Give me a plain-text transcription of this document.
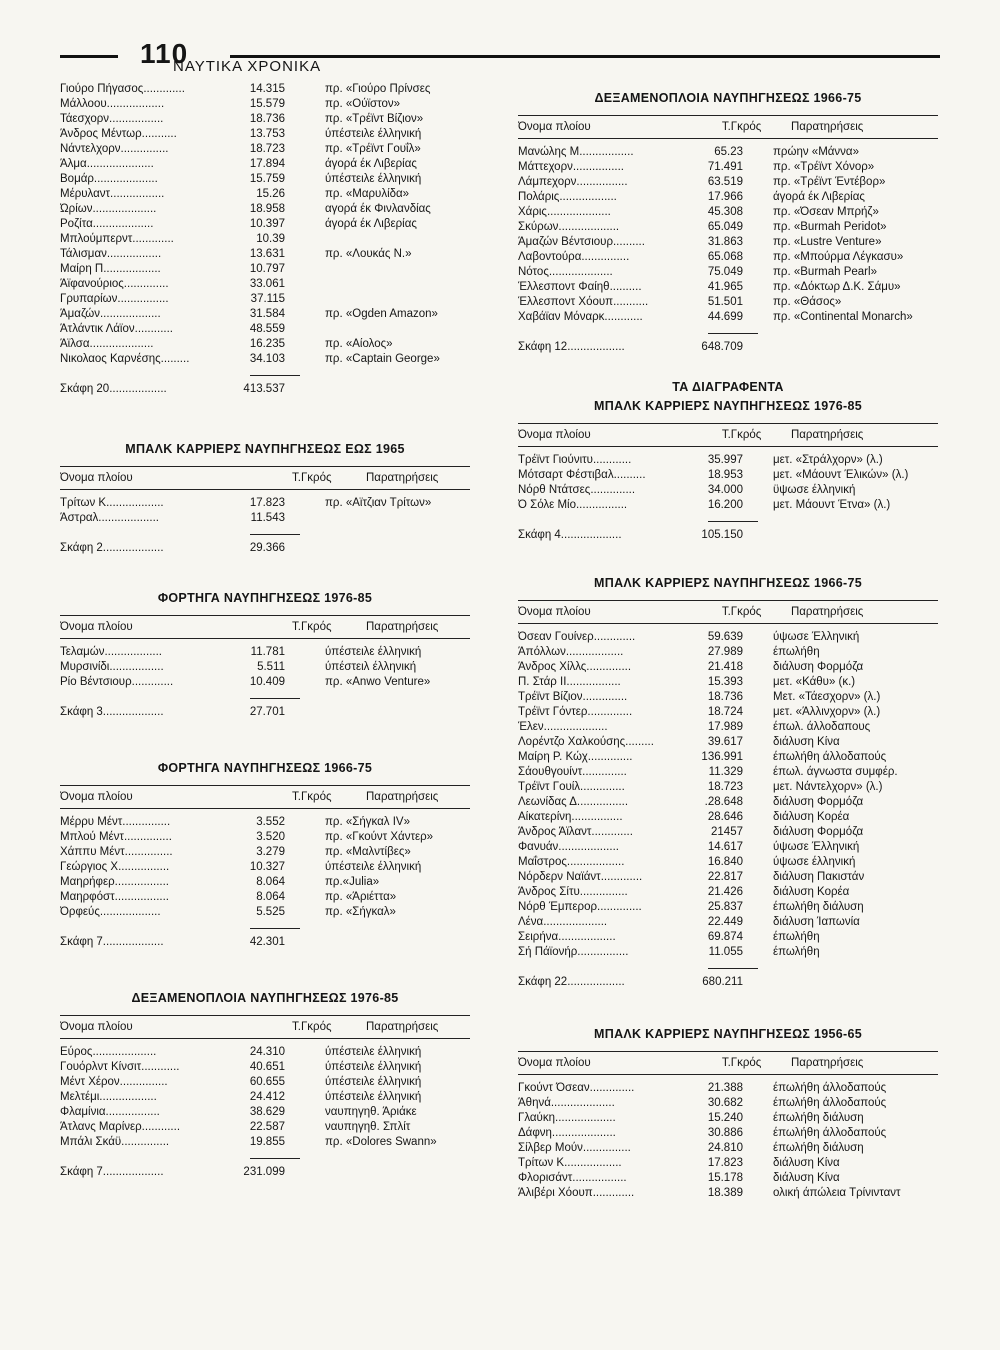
110
ΝΑΥΤΙΚΑ ΧΡΟΝΙΚΑ
Γιούρο Πήγασος.............	14.315	πρ. «Γιούρο Πρίνσες
Μάλλοου..................	15.579	πρ. «Ούϊστον»
Τάεσχορν.................	18.736	πρ. «Τρέϊντ Βίζιον»
Άνδρος Μέντωρ...........	13.753	ύπέστειλε έλληνική
Νάντελχορν...............	18.723	πρ. «Τρέϊντ Γουΐλ»
Άλμα.....................	17.894	άγορά έκ Λιβερίας
Βομάρ....................	15.759	ύπέστειλε έλληνική
Μέρυλαντ.................	15.26	πρ. «Μαρυλίδα»
Ώρίων....................	18.958	αγορά έκ Φινλανδίας
Ροζίτα...................	10.397	άγορά έκ Λιβερίας
Μπλούμπερντ.............	10.39
Τάλισμαν.................	13.631	πρ. «Λουκάς Ν.»
Μαίρη Π..................	10.797
Άϊφανούριος..............	33.061
Γρυπαρίων................	37.115
Άμαζών...................	31.584	πρ. «Ogden Amazon»
Άτλάντικ Λάϊον............	48.559
Άϊλσα....................	16.235	πρ. «Αίολος»
Νικολαος Καρνέσης.........	34.103	πρ. «Captain George»
Σκάφη 20..................	413.537
ΜΠΑΛΚ ΚΑΡΡΙΕΡΣ ΝΑΥΠΗΓΗΣΕΩΣ ΕΩΣ 1965
Όνομα πλοίου	Τ.Γκρός	Παρατηρήσεις
Τρίτων Κ..................	17.823	πρ. «Αϊτζιαν Τρίτων»
Άστραλ...................	11.543
Σκάφη 2...................	29.366
ΦΟΡΤΗΓΑ ΝΑΥΠΗΓΗΣΕΩΣ 1976-85
Όνομα πλοίου	Τ.Γκρός	Παρατηρήσεις
Τελαμών..................	11.781	ύπέστειλε έλληνική
Μυρσινίδι.................	5.511	ύπέστειλ έλληνική
Ρίο Βέντσιουρ.............	10.409	πρ. «Anwo Venture»
Σκάφη 3...................	27.701
ΦΟΡΤΗΓΑ ΝΑΥΠΗΓΗΣΕΩΣ 1966-75
Όνομα πλοίου	Τ.Γκρός	Παρατηρήσεις
Μέρρυ Μέντ...............	3.552	πρ. «Σήγκαλ IV»
Μπλού Μέντ...............	3.520	πρ. «Γκούντ Χάντερ»
Χάππυ Μέντ...............	3.279	πρ. «Μαλντίβες»
Γεώργιος Χ................	10.327	ύπέστειλε έλληνική
Μαηρήφερ.................	8.064	πρ.«Julia»
Μαηρφόστ.................	8.064	πρ. «Άριέττα»
Όρφεύς...................	5.525	πρ. «Σήγκαλ»
Σκάφη 7...................	42.301
ΔΕΞΑΜΕΝΟΠΛΟΙΑ ΝΑΥΠΗΓΗΣΕΩΣ 1976-85
Όνομα πλοίου	Τ.Γκρός	Παρατηρήσεις
Εύρος....................	24.310	ύπέστειλε έλληνική
Γουόρλντ Κίνσιτ............	40.651	ύπέστειλε έλληνική
Μέντ Χέρον...............	60.655	ύπέστειλε έλληνική
Μελτέμι..................	24.412	ύπέστειλε έλληνική
Φλαμίνια.................	38.629	ναυπηγηθ. Άριάκε
Άτλανς Μαρίνερ............	22.587	ναυπηγηθ. Σπλίτ
Μπάλι Σκάϋ...............	19.855	πρ. «Dolores Swann»
Σκάφη 7...................	231.099
ΔΕΞΑΜΕΝΟΠΛΟΙΑ ΝΑΥΠΗΓΗΣΕΩΣ 1966-75
Όνομα πλοίου	Τ.Γκρός	Παρατηρήσεις
Μανώλης Μ.................	65.23	πρώην «Μάννα»
Μάττεχορν................	71.491	πρ. «Τρέϊντ Χόνορ»
Λάμπεχορν................	63.519	πρ. «Τρέϊντ Έντέβορ»
Πολάρις..................	17.966	άγορά έκ Λιβερίας
Χάρις....................	45.308	πρ. «Όσεαν Μπρήζ»
Σκύρων...................	65.049	πρ. «Burmah Peridot»
Άμαζών Βέντσιουρ..........	31.863	πρ. «Lustre Venture»
Λαβοντούρα...............	65.068	πρ. «Μπούρμα Λέγκασυ»
Νότος....................	75.049	πρ. «Burmah Pearl»
Έλλεσποντ Φαίηθ..........	41.965	πρ. «Δόκτωρ Δ.Κ. Σάμυ»
Έλλεσποντ Χόουπ...........	51.501	πρ. «Θάσος»
Χαβάϊαν Μόναρκ............	44.699	πρ. «Continental Monarch»
Σκάφη 12..................	648.709
ΤΑ ΔΙΑΓΡΑΦΕΝΤΑ
ΜΠΑΛΚ ΚΑΡΡΙΕΡΣ ΝΑΥΠΗΓΗΣΕΩΣ 1976-85
Όνομα πλοίου	Τ.Γκρός	Παρατηρήσεις
Τρέϊντ Γιούνιτυ............	35.997	μετ. «Στράλχορν» (λ.)
Μότσαρτ Φέστιβαλ..........	18.953	μετ. «Μάουντ Έλικών» (λ.)
Νόρθ Ντάτσες..............	34.000	ϋψωσε έλληνική
Ό Σόλε Μίο................	16.200	μετ. Μάουντ Έτνα» (λ.)
Σκάφη 4...................	105.150
ΜΠΑΛΚ ΚΑΡΡΙΕΡΣ ΝΑΥΠΗΓΗΣΕΩΣ 1966-75
Όνομα πλοίου	Τ.Γκρός	Παρατηρήσεις
Όσεαν Γουίνερ.............	59.639	ύψωσε Έλληνική
Άπόλλων..................	27.989	έπωλήθη
Άνδρος Χίλλς..............	21.418	διάλυση Φορμόζα
Π. Στάρ ΙΙ.................	15.393	μετ. «Κάθυ» (κ.)
Τρέϊντ Βίζιον..............	18.736	Μετ. «Τάεσχορν» (λ.)
Τρέϊντ Γόντερ..............	18.724	μετ. «Άλλινχορν» (λ.)
Έλεν....................	17.989	έπωλ. άλλοδαπους
Λορέντζο Χαλκούσης.........	39.617	διάλυση Κίνα
Μαίρη Ρ. Κώχ..............	136.991	έπωλήθη άλλοδαπούς
Σάουθγουίντ..............	11.329	έπωλ. άγνωστα συμφέρ.
Τρέϊντ Γουίλ..............	18.723	μετ. Νάντελχορν» (λ.)
Λεωνίδας Δ................	.28.648	διάλυση Φορμόζα
Αίκατερίνη................	28.646	διάλυση Κορέα
Άνδρος Άϊλαντ.............	21457	διάλυση Φορμόζα
Φανυάν...................	14.617	ύψωσε Έλληνική
Μαΐστρος..................	16.840	ύψωσε έλληνική
Νόρδερν Ναϊάντ.............	22.817	διάλυση Πακιστάν
Άνδρος Σίτυ...............	21.426	διάλυση Κορέα
Νόρθ Έμπερορ..............	25.837	έπωλήθη διάλυση
Λένα....................	22.449	διάλυση Ίαπωνία
Σειρήνα..................	69.874	έπωλήθη
Σή Πάϊονήρ................	11.055	έπωλήθη
Σκάφη 22..................	680.211
ΜΠΑΛΚ ΚΑΡΡΙΕΡΣ ΝΑΥΠΗΓΗΣΕΩΣ 1956-65
Όνομα πλοίου	Τ.Γκρός	Παρατηρήσεις
Γκούντ Όσεαν..............	21.388	έπωλήθη άλλοδαπούς
Άθηνά....................	30.682	έπωλήθη άλλοδαπούς
Γλαύκη...................	15.240	έπωλήθη διάλυση
Δάφνη....................	30.886	έπωλήθη άλλοδαπούς
Σίλβερ Μούν...............	24.810	έπωλήθη διάλυση
Τρίτων Κ..................	17.823	διάλυση Κίνα
Φλορισάντ.................	15.178	διάλυση Κίνα
Άλιβέρι Χόουπ.............	18.389	ολική άπώλεια Τρίνινταντ
